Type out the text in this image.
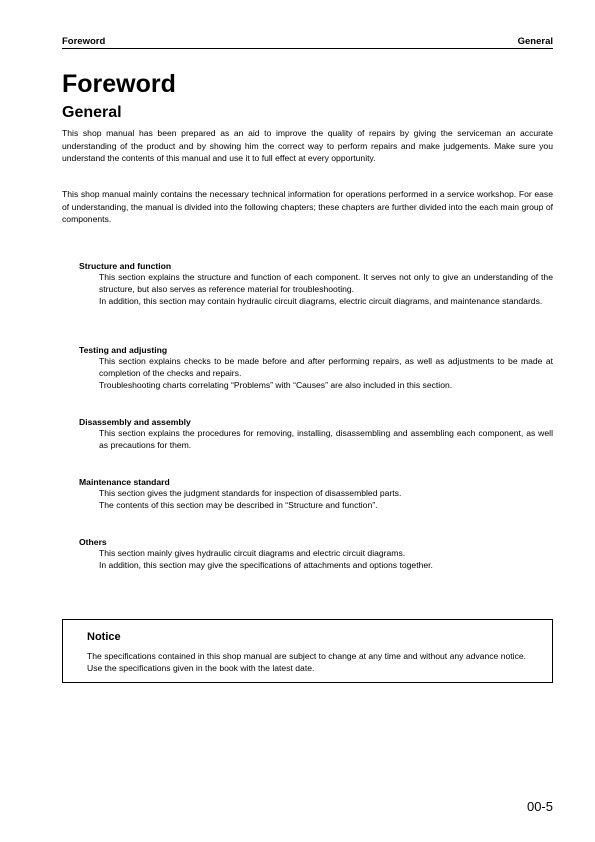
Foreword	General
Foreword
General

This shop manual has been prepared as an aid to improve the quality of repairs by giving the serviceman an accurate understanding of the product and by showing him the correct way to perform repairs and make judgements. Make sure you understand the contents of this manual and use it to full effect at every opportunity.

This shop manual mainly contains the necessary technical information for operations performed in a service workshop. For ease of understanding, the manual is divided into the following chapters; these chapters are further divided into the each main group of components.

Structure and function

This section explains the structure and function of each component. It serves not only to give an understanding of the structure, but also serves as reference material for troubleshooting.

In addition, this section may contain hydraulic circuit diagrams, electric circuit diagrams, and maintenance standards.

Testing and adjusting

This section explains checks to be made before and after performing repairs, as well as adjustments to be made at completion of the checks and repairs.

Troubleshooting charts correlating “Problems” with “Causes” are also included in this section.

Disassembly and assembly

This section explains the procedures for removing, installing, disassembling and assembling each component, as well as precautions for them.

Maintenance standard

This section gives the judgment standards for inspection of disassembled parts.

The contents of this section may be described in “Structure and function”.

Others

This section mainly gives hydraulic circuit diagrams and electric circuit diagrams.

In addition, this section may give the specifications of attachments and options together.

Notice

The specifications contained in this shop manual are subject to change at any time and without any advance notice. Use the specifications given in the book with the latest date.

00-5
